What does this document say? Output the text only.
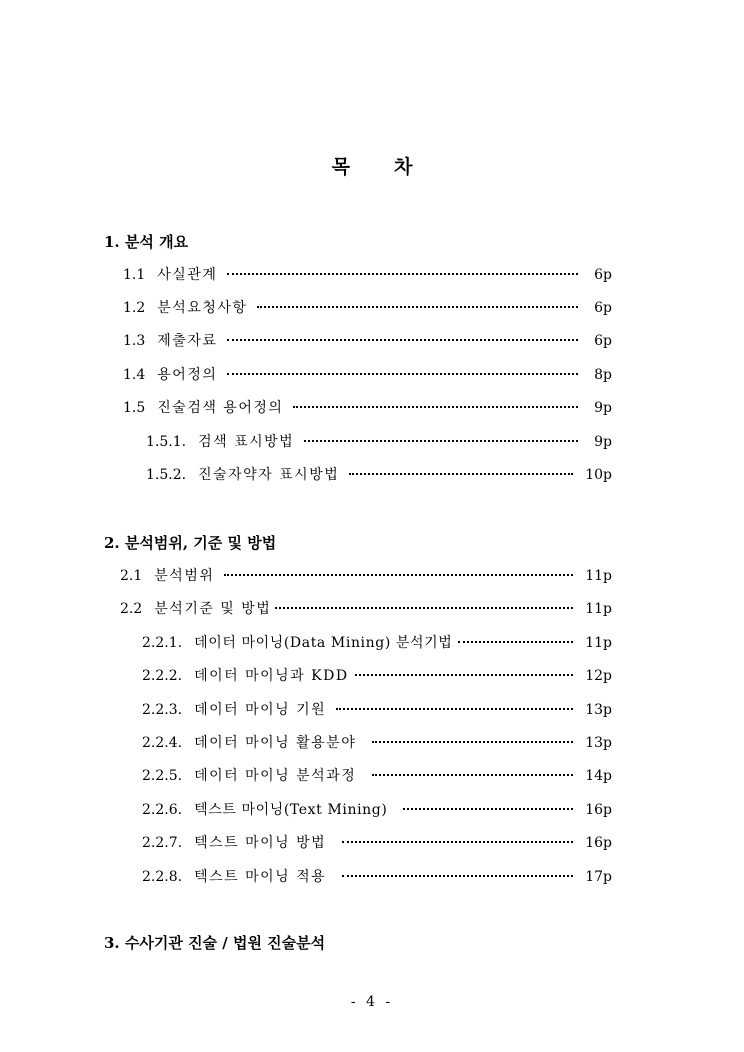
목 차
1. 분석 개요
1.1 사실관계	6p
1.2 분석요청사항	6p
1.3 제출자료	6p
1.4 용어정의	8p
1.5 진술검색 용어정의	9p
1.5.1. 검색 표시방법	9p
1.5.2. 진술자약자 표시방법	10p
2. 분석범위, 기준 및 방법
2.1 분석범위	11p
2.2 분석기준 및 방법	11p
2.2.1. 데이터 마이닝(Data Mining) 분석기법	11p
2.2.2. 데이터 마이닝과 KDD	12p
2.2.3. 데이터 마이닝 기원	13p
2.2.4. 데이터 마이닝 활용분야	13p
2.2.5. 데이터 마이닝 분석과정	14p
2.2.6. 텍스트 마이닝(Text Mining)	16p
2.2.7. 텍스트 마이닝 방법	16p
2.2.8. 텍스트 마이닝 적용	17p
3. 수사기관 진술 / 법원 진술분석
- 4 -
